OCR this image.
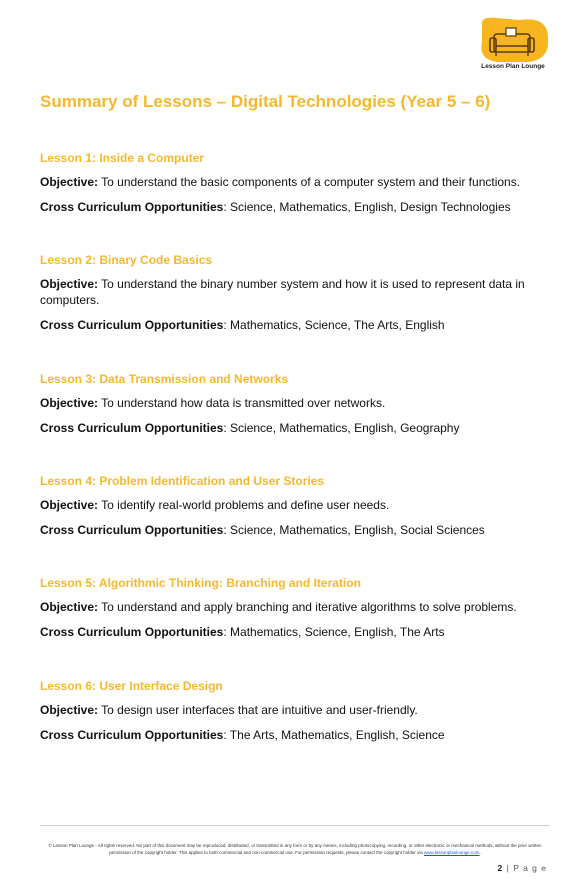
Lesson Plan Lounge
Summary of Lessons – Digital Technologies (Year 5 – 6)
Lesson 1: Inside a Computer

Objective: To understand the basic components of a computer system and their functions.

Cross Curriculum Opportunities: Science, Mathematics, English, Design Technologies

Lesson 2: Binary Code Basics

Objective: To understand the binary number system and how it is used to represent data in computers.

Cross Curriculum Opportunities: Mathematics, Science, The Arts, English

Lesson 3: Data Transmission and Networks

Objective: To understand how data is transmitted over networks.

Cross Curriculum Opportunities: Science, Mathematics, English, Geography

Lesson 4: Problem Identification and User Stories

Objective: To identify real-world problems and define user needs.

Cross Curriculum Opportunities: Science, Mathematics, English, Social Sciences

Lesson 5: Algorithmic Thinking: Branching and Iteration

Objective: To understand and apply branching and iterative algorithms to solve problems.

Cross Curriculum Opportunities: Mathematics, Science, English, The Arts

Lesson 6: User Interface Design

Objective: To design user interfaces that are intuitive and user-friendly.

Cross Curriculum Opportunities: The Arts, Mathematics, English, Science

© Lesson Plan Lounge - All rights reserved. No part of this document may be reproduced, distributed, or transmitted in any form or by any means, including photocopying, recording, or other electronic or mechanical methods, without the prior written permission of the copyright holder. This applies to both commercial and non-commercial use. For permission requests, please contact the copyright holder via www.lessonplanlounge.com.
2 | P a g e
